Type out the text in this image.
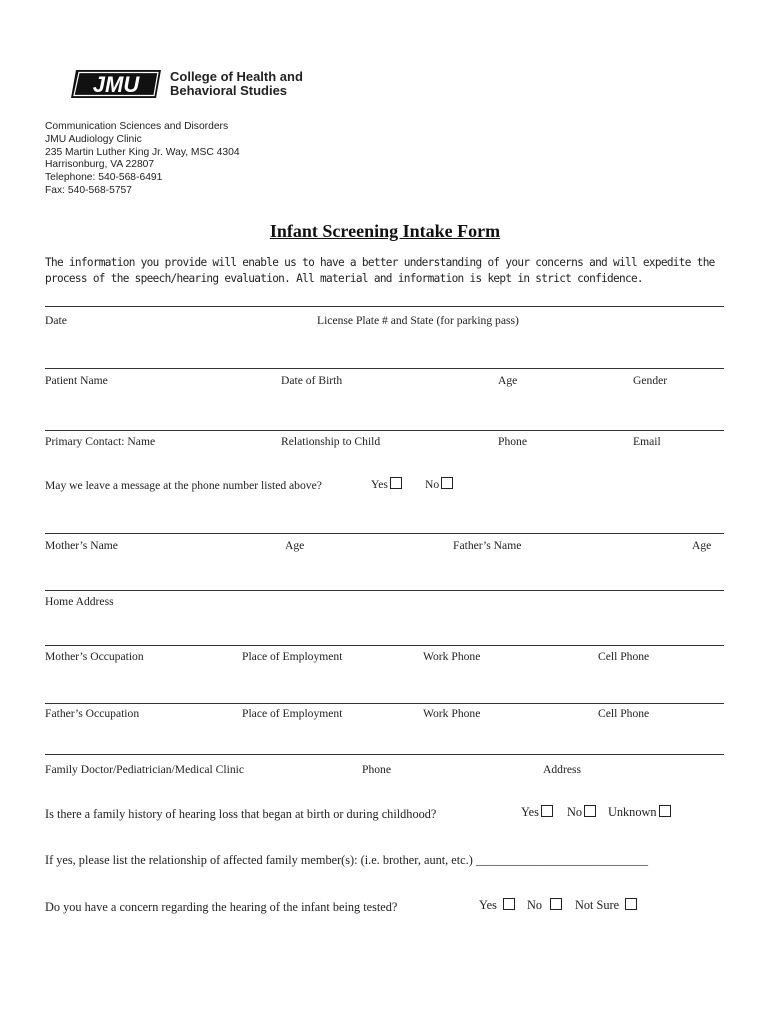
JMU College of Health and
Behavioral Studies
Communication Sciences and Disorders
JMU Audiology Clinic
235 Martin Luther King Jr. Way, MSC 4304
Harrisonburg, VA 22807
Telephone: 540-568-6491
Fax: 540-568-5757
Infant Screening Intake Form
The information you provide will enable us to have a better understanding of your concerns and will expedite the process of the speech/hearing evaluation. All material and information is kept in strict confidence.
Date	License Plate # and State (for parking pass)
Patient Name	Date of Birth	Age	Gender
Primary Contact: Name	Relationship to Child	Phone	Email
May we leave a message at the phone number listed above?	Yes	No
Mother’s Name	Age	Father’s Name	Age
Home Address
Mother’s Occupation	Place of Employment	Work Phone	Cell Phone
Father’s Occupation	Place of Employment	Work Phone	Cell Phone
Family Doctor/Pediatrician/Medical Clinic	Phone	Address
Is there a family history of hearing loss that began at birth or during childhood?	Yes	No	Unknown
If yes, please list the relationship of affected family member(s): (i.e. brother, aunt, etc.) ____________________________
Do you have a concern regarding the hearing of the infant being tested?	Yes	No	Not Sure
